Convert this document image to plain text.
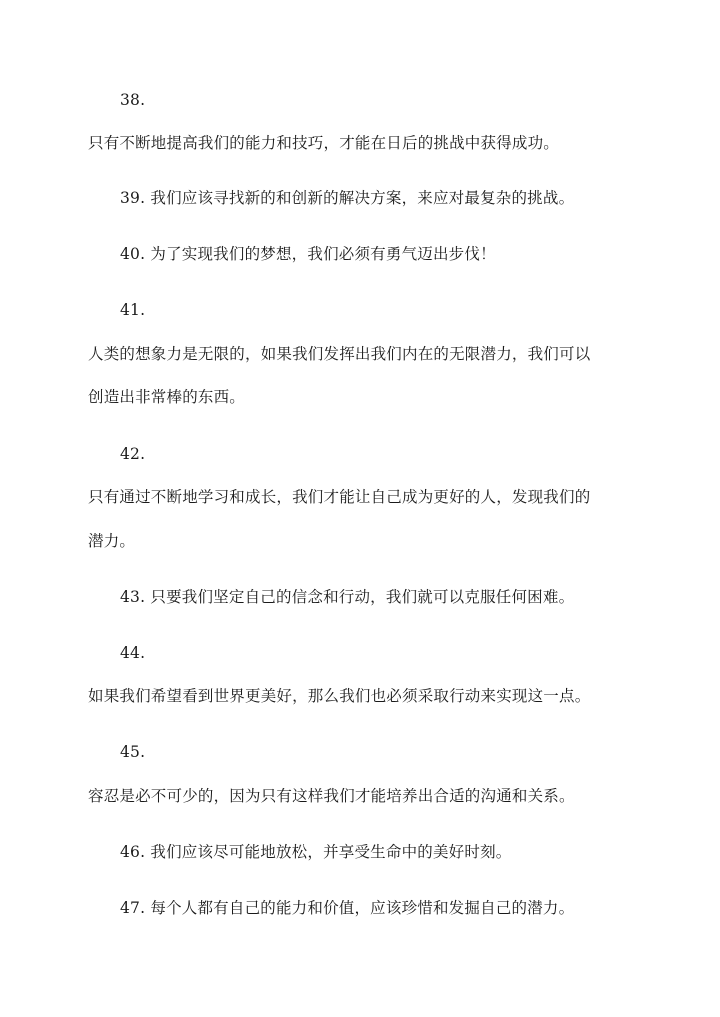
38.
只有不断地提高我们的能力和技巧，才能在日后的挑战中获得成功。
39. 我们应该寻找新的和创新的解决方案，来应对最复杂的挑战。
40. 为了实现我们的梦想，我们必须有勇气迈出步伐！
41.
人类的想象力是无限的，如果我们发挥出我们内在的无限潜力，我们可以
创造出非常棒的东西。
42.
只有通过不断地学习和成长，我们才能让自己成为更好的人，发现我们的
潜力。
43. 只要我们坚定自己的信念和行动，我们就可以克服任何困难。
44.
如果我们希望看到世界更美好，那么我们也必须采取行动来实现这一点。
45.
容忍是必不可少的，因为只有这样我们才能培养出合适的沟通和关系。
46. 我们应该尽可能地放松，并享受生命中的美好时刻。
47. 每个人都有自己的能力和价值，应该珍惜和发掘自己的潜力。
